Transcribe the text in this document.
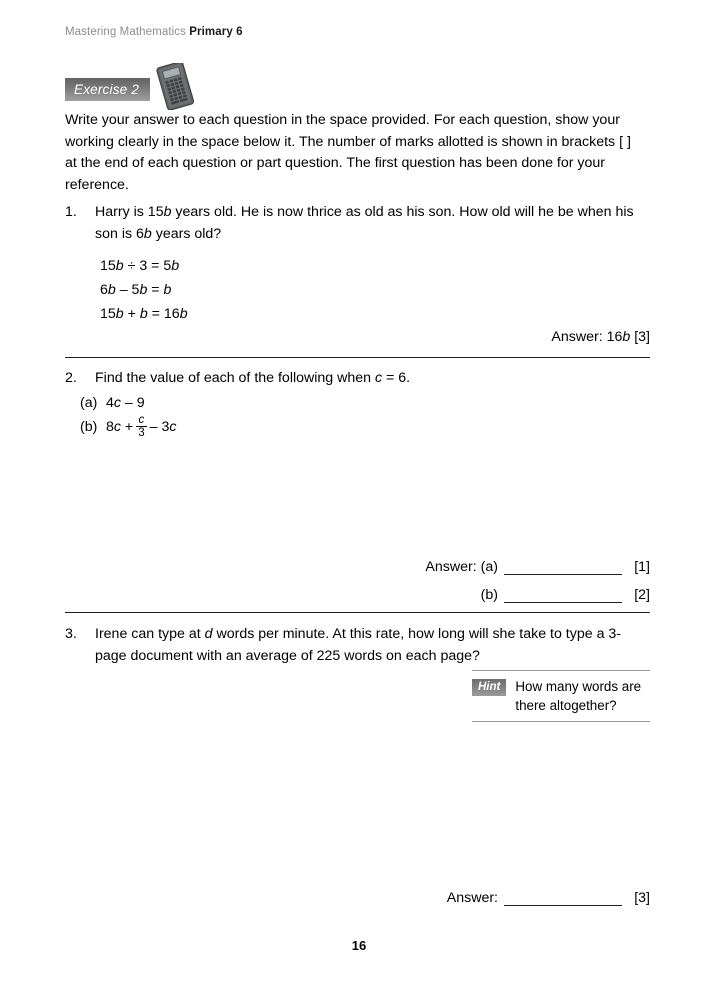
Mastering Mathematics Primary 6
Exercise 2
Write your answer to each question in the space provided. For each question, show your working clearly in the space below it. The number of marks allotted is shown in brackets [ ] at the end of each question or part question. The first question has been done for your reference.
1.	Harry is 15b years old. He is now thrice as old as his son. How old will he be when his son is 6b years old?
15b ÷ 3 = 5b
6b – 5b = b
15b + b = 16b
Answer: 16b [3]
2.	Find the value of each of the following when c = 6.
(a) 4c – 9
(b) $8c + \frac{c}{3} - 3c$
Answer: (a)	[1]
(b)	[2]
3.	Irene can type at d words per minute. At this rate, how long will she take to type a 3-page document with an average of 225 words on each page?
Hint	How many words are there altogether?
Answer:	[3]
16
